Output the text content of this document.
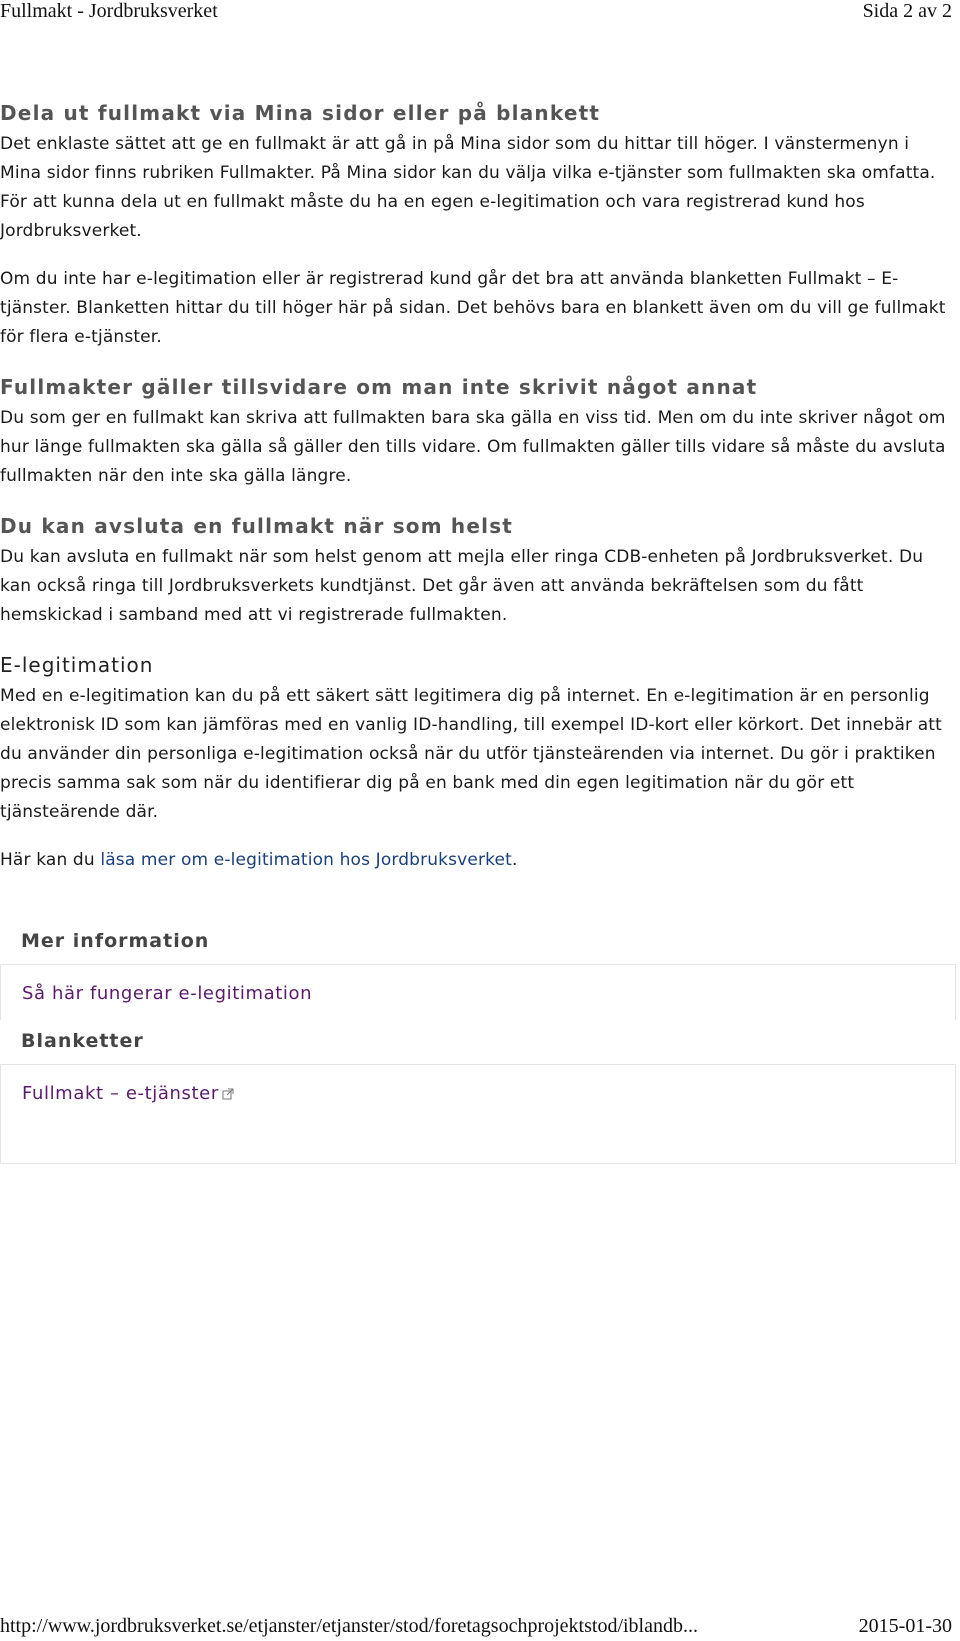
Fullmakt - Jordbruksverket	Sida 2 av 2
Dela ut fullmakt via Mina sidor eller på blankett

Det enklaste sättet att ge en fullmakt är att gå in på Mina sidor som du hittar till höger. I vänstermenyn i Mina sidor finns rubriken Fullmakter. På Mina sidor kan du välja vilka e-tjänster som fullmakten ska omfatta. För att kunna dela ut en fullmakt måste du ha en egen e-legitimation och vara registrerad kund hos Jordbruksverket.

Om du inte har e-legitimation eller är registrerad kund går det bra att använda blanketten Fullmakt – E-tjänster. Blanketten hittar du till höger här på sidan. Det behövs bara en blankett även om du vill ge fullmakt för flera e-tjänster.

Fullmakter gäller tillsvidare om man inte skrivit något annat

Du som ger en fullmakt kan skriva att fullmakten bara ska gälla en viss tid. Men om du inte skriver något om hur länge fullmakten ska gälla så gäller den tills vidare. Om fullmakten gäller tills vidare så måste du avsluta fullmakten när den inte ska gälla längre.

Du kan avsluta en fullmakt när som helst

Du kan avsluta en fullmakt när som helst genom att mejla eller ringa CDB-enheten på Jordbruksverket. Du kan också ringa till Jordbruksverkets kundtjänst. Det går även att använda bekräftelsen som du fått hemskickad i samband med att vi registrerade fullmakten.

E-legitimation

Med en e-legitimation kan du på ett säkert sätt legitimera dig på internet. En e-legitimation är en personlig elektronisk ID som kan jämföras med en vanlig ID-handling, till exempel ID-kort eller körkort. Det innebär att du använder din personliga e-legitimation också när du utför tjänsteärenden via internet. Du gör i praktiken precis samma sak som när du identifierar dig på en bank med din egen legitimation när du gör ett tjänsteärende där.

Här kan du läsa mer om e-legitimation hos Jordbruksverket.

Mer information
Så här fungerar e-legitimation
Blanketter
Fullmakt – e-tjänster
http://www.jordbruksverket.se/etjanster/etjanster/stod/foretagsochprojektstod/iblandb...	2015-01-30
